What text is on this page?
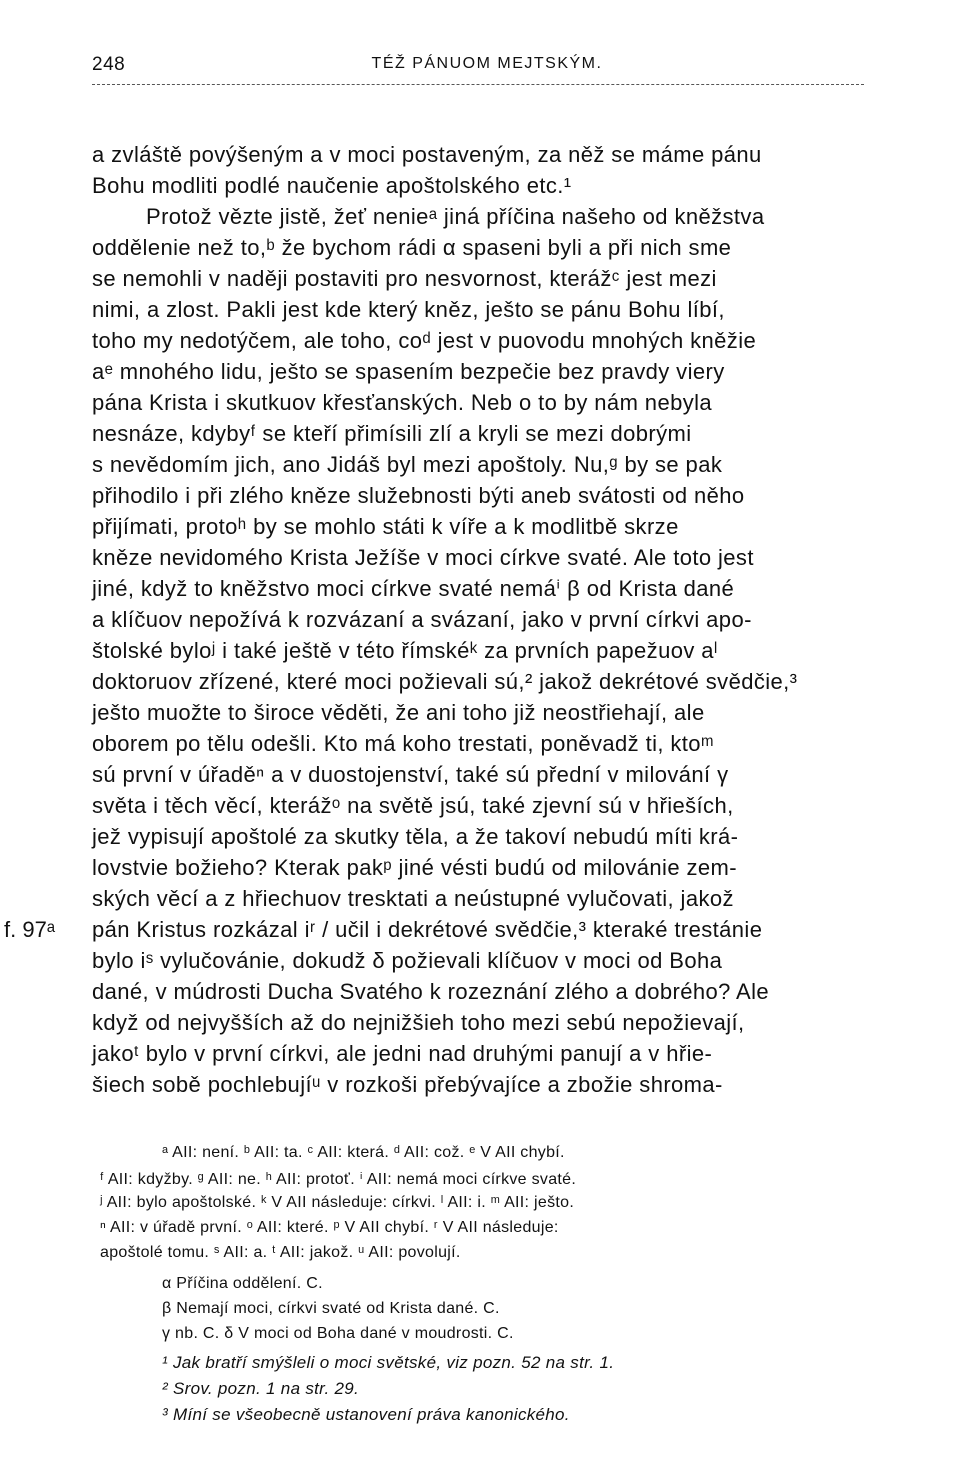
248	TÉŽ PÁNUOM MEJTSKÝM.
a zvláště povýšeným a v moci postaveným, za něž se máme pánu
Bohu modliti podlé naučenie apoštolského etc.¹
Protož vězte jistě, žeť nenieᵃ jiná příčina našeho od kněžstva
oddělenie než to,ᵇ že bychom rádi α spaseni byli a při nich sme
se nemohli v naději postaviti pro nesvornost, kterážᶜ jest mezi
nimi, a zlost. Pakli jest kde který kněz, ješto se pánu Bohu líbí,
toho my nedotýčem, ale toho, coᵈ jest v puovodu mnohých kněžie
aᵉ mnohého lidu, ješto se spasením bezpečie bez pravdy viery
pána Krista i skutkuov křesťanských. Neb o to by nám nebyla
nesnáze, kdybyᶠ se kteří přimísili zlí a kryli se mezi dobrými
s nevědomím jich, ano Jidáš byl mezi apoštoly. Nu,ᵍ by se pak
přihodilo i při zlého kněze služebnosti býti aneb svátosti od něho
přijímati, protoʰ by se mohlo státi k víře a k modlitbě skrze
kněze nevidomého Krista Ježíše v moci církve svaté. Ale toto jest
jiné, když to kněžstvo moci církve svaté nemáⁱ β od Krista dané
a klíčuov nepožívá k rozvázaní a svázaní, jako v první církvi apo-
štolské byloʲ i také ještě v této římskéᵏ za prvních papežuov aˡ
doktoruov zřízené, které moci požievali sú,² jakož dekrétové svědčie,³
ješto muožte to široce věděti, že ani toho již neostřiehají, ale
oborem po tělu odešli. Kto má koho trestati, poněvadž ti, ktoᵐ
sú první v úřaděⁿ a v duostojenství, také sú přední v milování γ
světa i těch věcí, kterážᵒ na světě jsú, také zjevní sú v hřieších,
jež vypisují apoštolé za skutky těla, a že takoví nebudú míti krá-
lovstvie božieho? Kterak pakᵖ jiné vésti budú od milovánie zem-
ských věcí a z hřiechuov tresktati a neústupné vylučovati, jakož
f. 97ᵃ pán Kristus rozkázal iʳ / učil i dekrétové svědčie,³ kteraké trestánie
bylo iˢ vylučovánie, dokudž δ požievali klíčuov v moci od Boha
dané, v múdrosti Ducha Svatého k rozeznání zlého a dobrého? Ale
když od nejvyšších až do nejnižšieh toho mezi sebú nepožievají,
jakoᵗ bylo v první církvi, ale jedni nad druhými panují a v hřie-
šiech sobě pochlebujíᵘ v rozkoši přebývajíce a zbožie shroma-
ᵃ AII: není. ᵇ AII: ta. ᶜ AII: která. ᵈ AII: což. ᵉ V AII chybí.
ᶠ AII: kdyžby. ᵍ AII: ne. ʰ AII: protoť. ⁱ AII: nemá moci církve svaté.
ʲ AII: bylo apoštolské. ᵏ V AII následuje: církvi. ˡ AII: i. ᵐ AII: ješto.
ⁿ AII: v úřadě první. ᵒ AII: které. ᵖ V AII chybí. ʳ V AII následuje:
apoštolé tomu. ˢ AII: a. ᵗ AII: jakož. ᵘ AII: povolují.
α Příčina oddělení. C.
β Nemají moci, církvi svaté od Krista dané. C.
γ nb. C. δ V moci od Boha dané v moudrosti. C.
¹ Jak bratří smýšleli o moci světské, viz pozn. 52 na str. 1.
² Srov. pozn. 1 na str. 29.
³ Míní se všeobecně ustanovení práva kanonického.
